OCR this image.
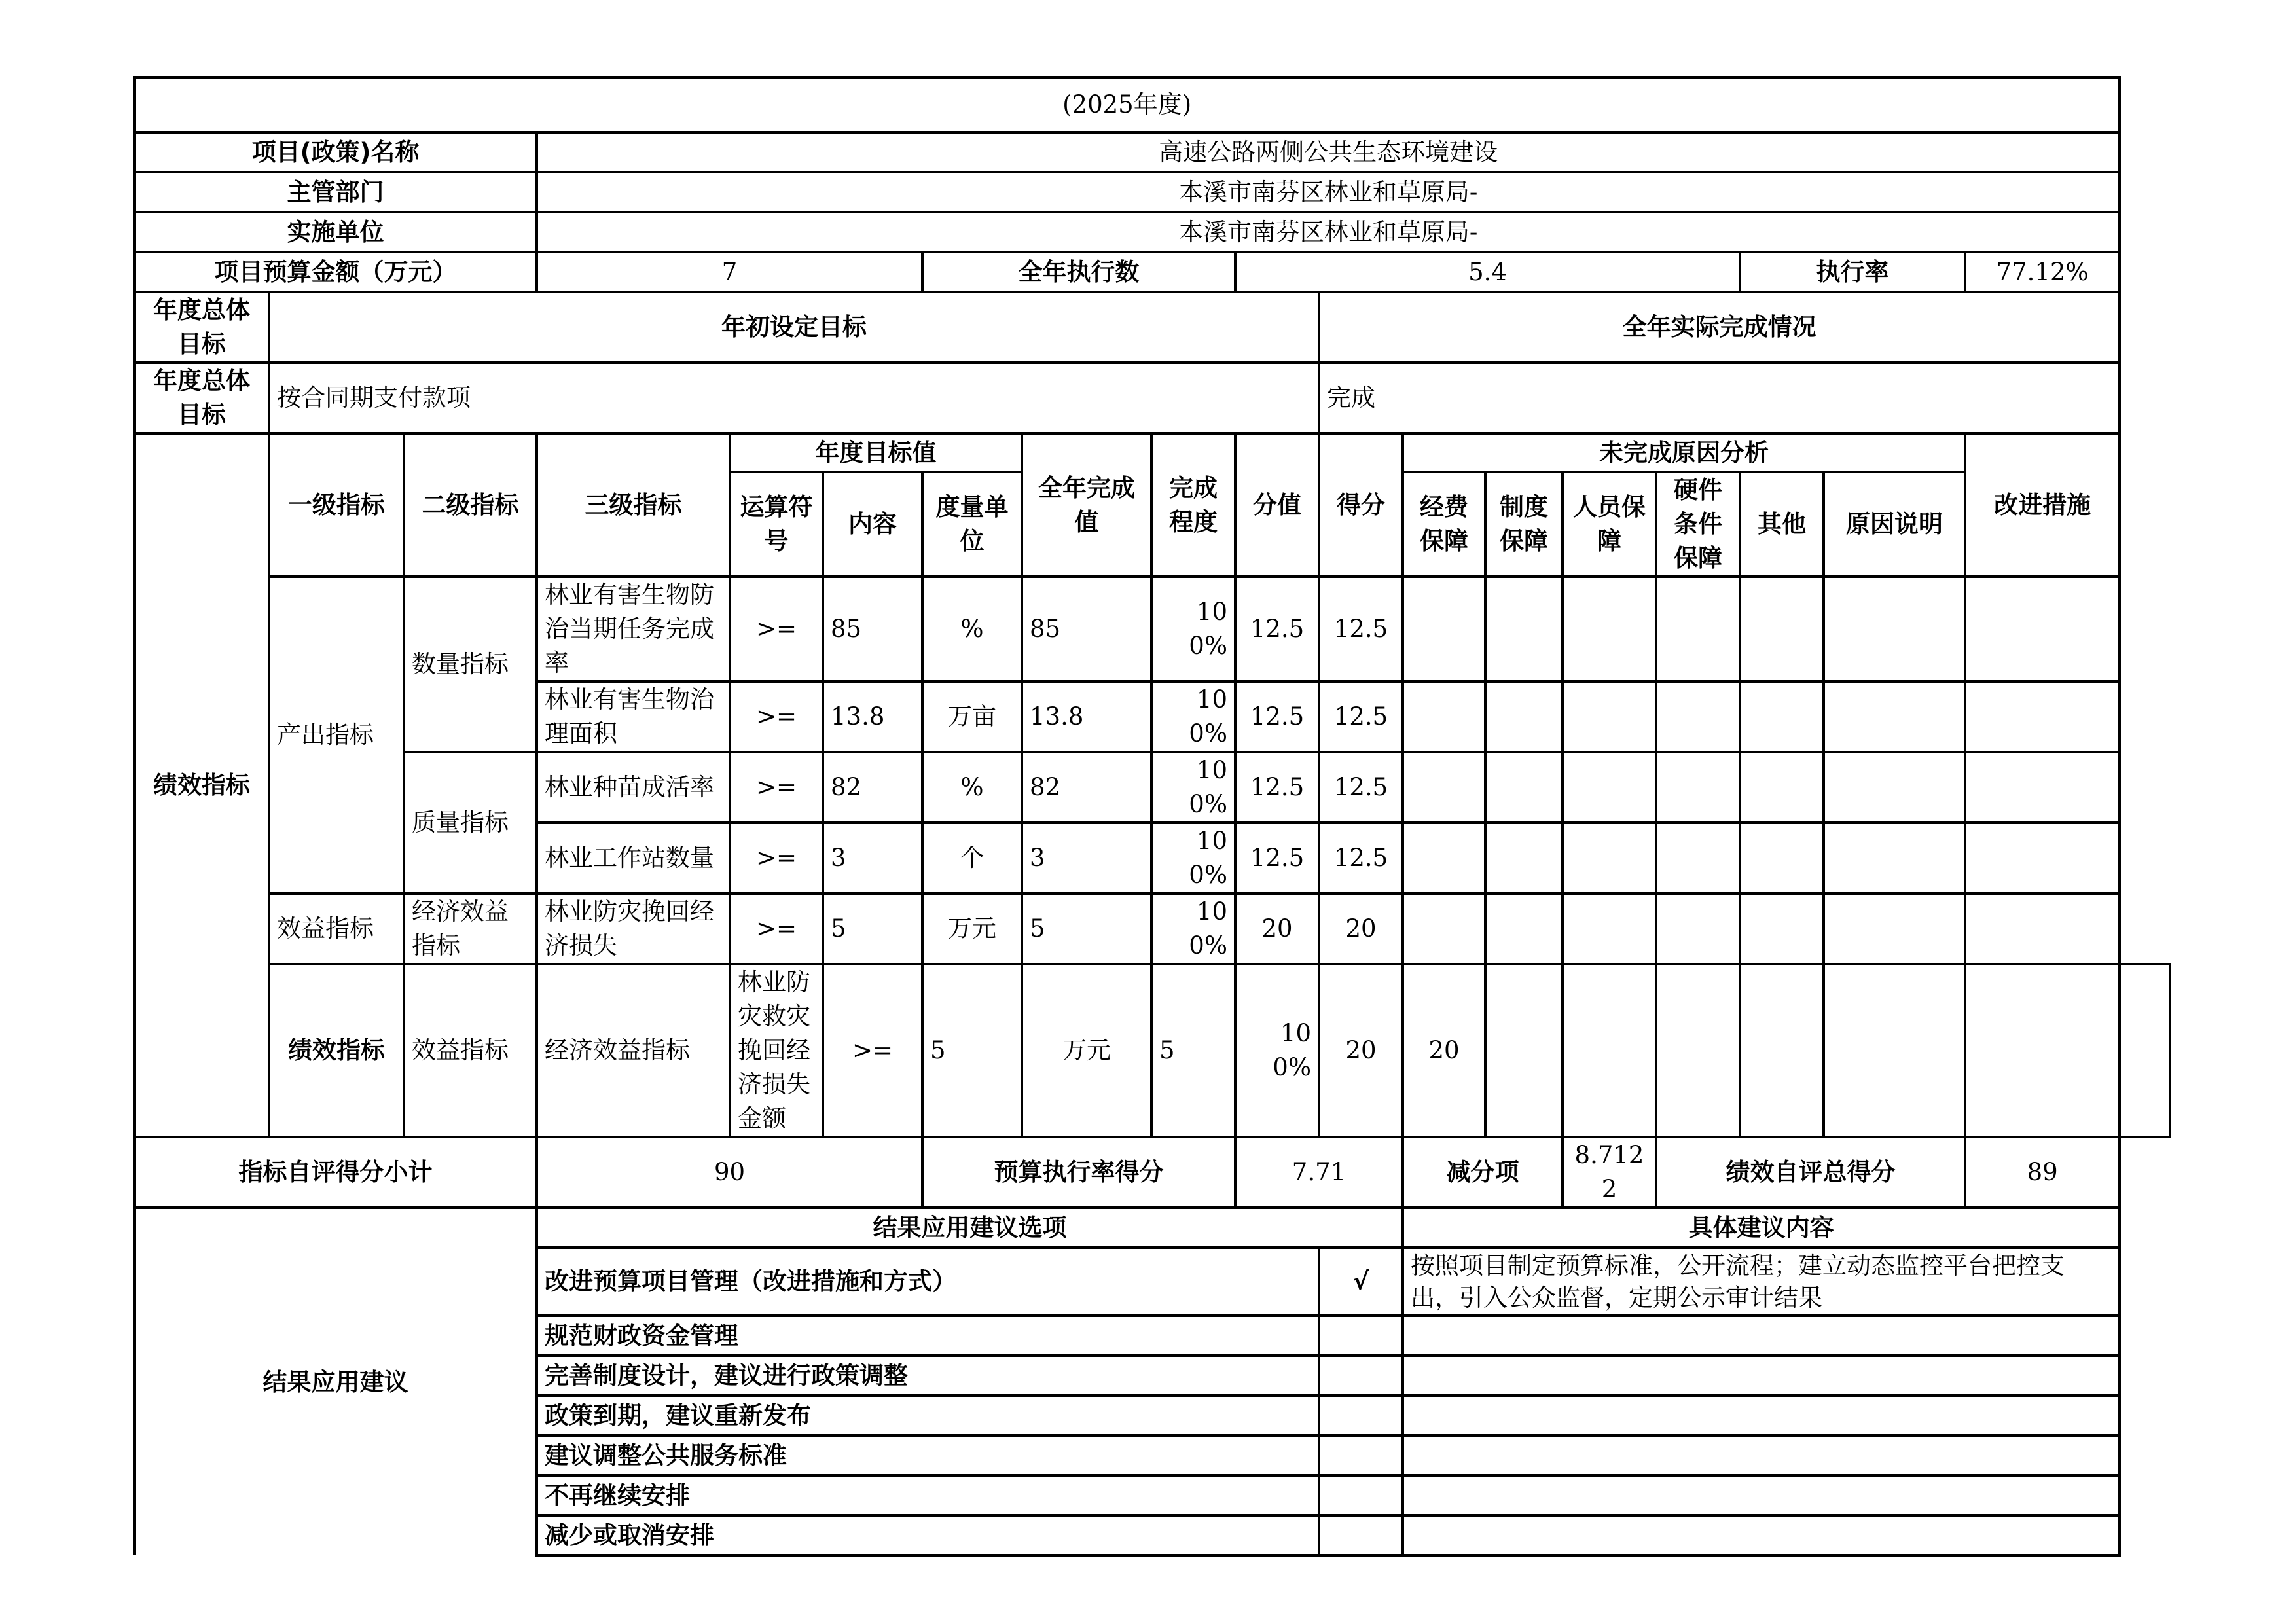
(2025年度)																		
项目(政策)名称			高速公路两侧公共生态环境建设															
主管部门			本溪市南芬区林业和草原局-															
实施单位			本溪市南芬区林业和草原局-															
项目预算金额（万元）			7			全年执行数			5.4						执行率		77.12%	
年度总体目标	年初设定目标									全年实际完成情况								
年度总体目标	按合同期支付款项									完成								
绩效指标	一级指标	二级指标	三级指标	年度目标值			全年完成值	完成程度	分值	得分	未完成原因分析						改进措施	
				运算符号	内容	度量单位					经费保障	制度保障	人员保障	硬件条件保障	其他	原因说明		
	产出指标	数量指标	林业有害生物防治当期任务完成率	>=	85	%	85	100%	12.5	12.5								
			林业有害生物治理面积	>=	13.8	万亩	13.8	100%	12.5	12.5								
		质量指标	林业种苗成活率	>=	82	%	82	100%	12.5	12.5								
			林业工作站数量	>=	3	个	3	100%	12.5	12.5								
	效益指标	经济效益指标	林业防灾挽回经济损失	>=	5	万元	5	100%	20	20								
	绩效指标	效益指标	经济效益指标	林业防灾救灾挽回经济损失金额	>=	5	万元	5	100%	20	20							
指标自评得分小计			90			预算执行率得分			7.71		减分项		8.7122	绩效自评总得分			89	
结果应用建议			结果应用建议选项								具体建议内容							
			改进预算项目管理（改进措施和方式）							√	按照项目制定预算标准，公开流程；建立动态监控平台把控支出，引入公众监督，定期公示审计结果							
			规范财政资金管理															
			完善制度设计，建议进行政策调整															
			政策到期，建议重新发布															
			建议调整公共服务标准															
			不再继续安排															
			减少或取消安排															
